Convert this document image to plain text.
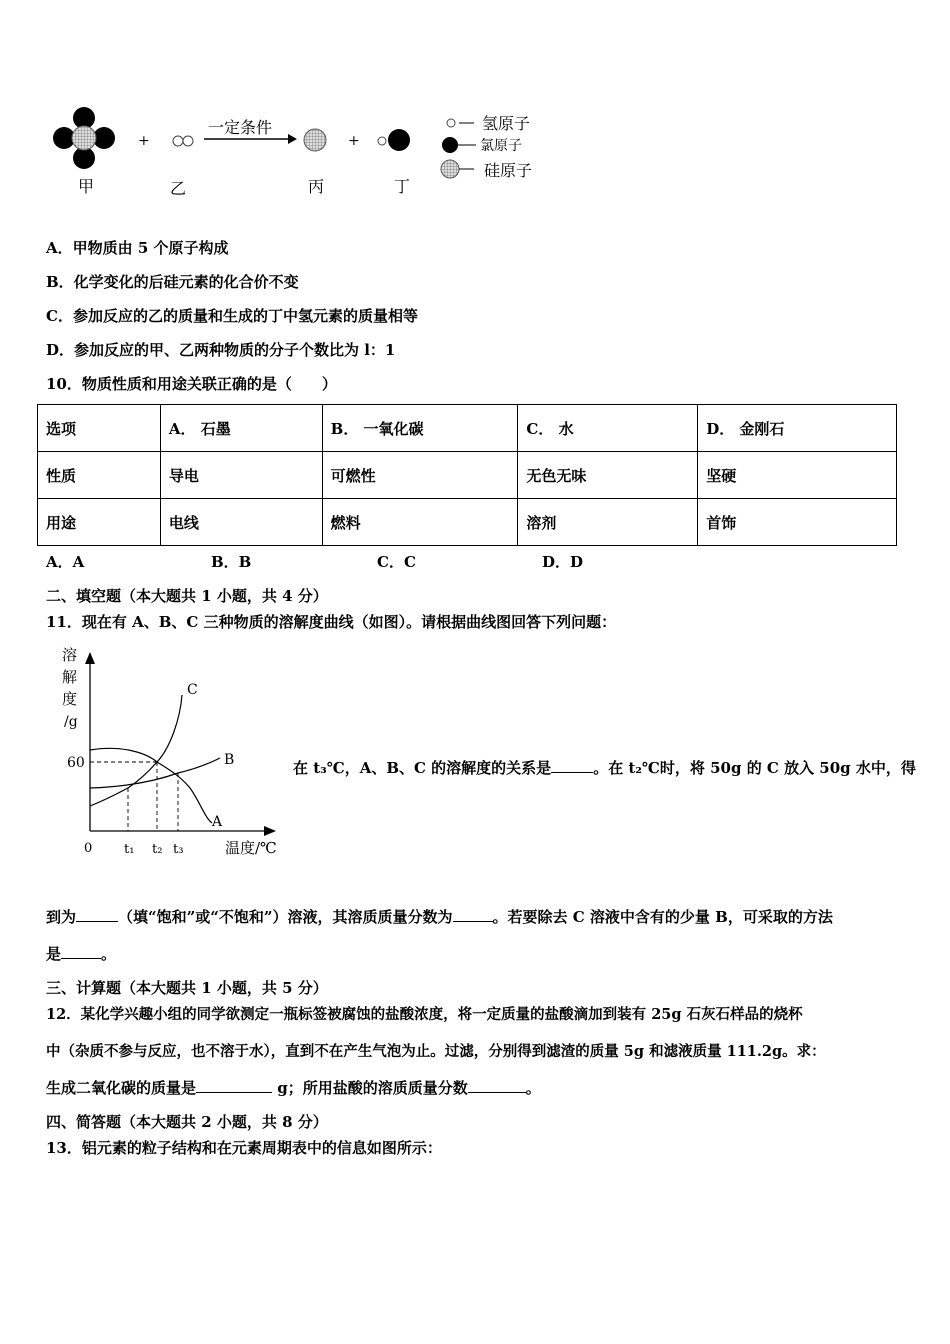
+
一定条件
+
甲	乙	丙	丁
氢原子
氯原子
硅原子
A．甲物质由 5 个原子构成
B．化学变化的后硅元素的化合价不变
C．参加反应的乙的质量和生成的丁中氢元素的质量相等
D．参加反应的甲、乙两种物质的分子个数比为 l：1
10．物质性质和用途关联正确的是（　　）
选项	A． 石墨	B． 一氧化碳	C． 水	D． 金刚石
性质	导电	可燃性	无色无味	坚硬
用途	电线	燃料	溶剂	首饰
A．A	B．B	C．C	D．D
二、填空题（本大题共 1 小题，共 4 分）
11．现在有 A、B、C 三种物质的溶解度曲线（如图）。请根据曲线图回答下列问题：
溶
解
度
/g
60
0 t₁ t₂ t₃	温度/℃
A
B
C
在 t₃℃，A、B、C 的溶解度的关系是	。在 t₂℃时，将 50g 的 C 放入 50g 水中，得
到为	（填“饱和”或“不饱和”）溶液，其溶质质量分数为	。若要除去 C 溶液中含有的少量 B，可采取的方法
是	。
三、计算题（本大题共 1 小题，共 5 分）
12．某化学兴趣小组的同学欲测定一瓶标签被腐蚀的盐酸浓度，将一定质量的盐酸滴加到装有 25g 石灰石样品的烧杯
中（杂质不参与反应，也不溶于水），直到不在产生气泡为止。过滤，分别得到滤渣的质量 5g 和滤液质量 111.2g。求：
生成二氧化碳的质量是	g；所用盐酸的溶质质量分数	。
四、简答题（本大题共 2 小题，共 8 分）
13．铝元素的粒子结构和在元素周期表中的信息如图所示：
